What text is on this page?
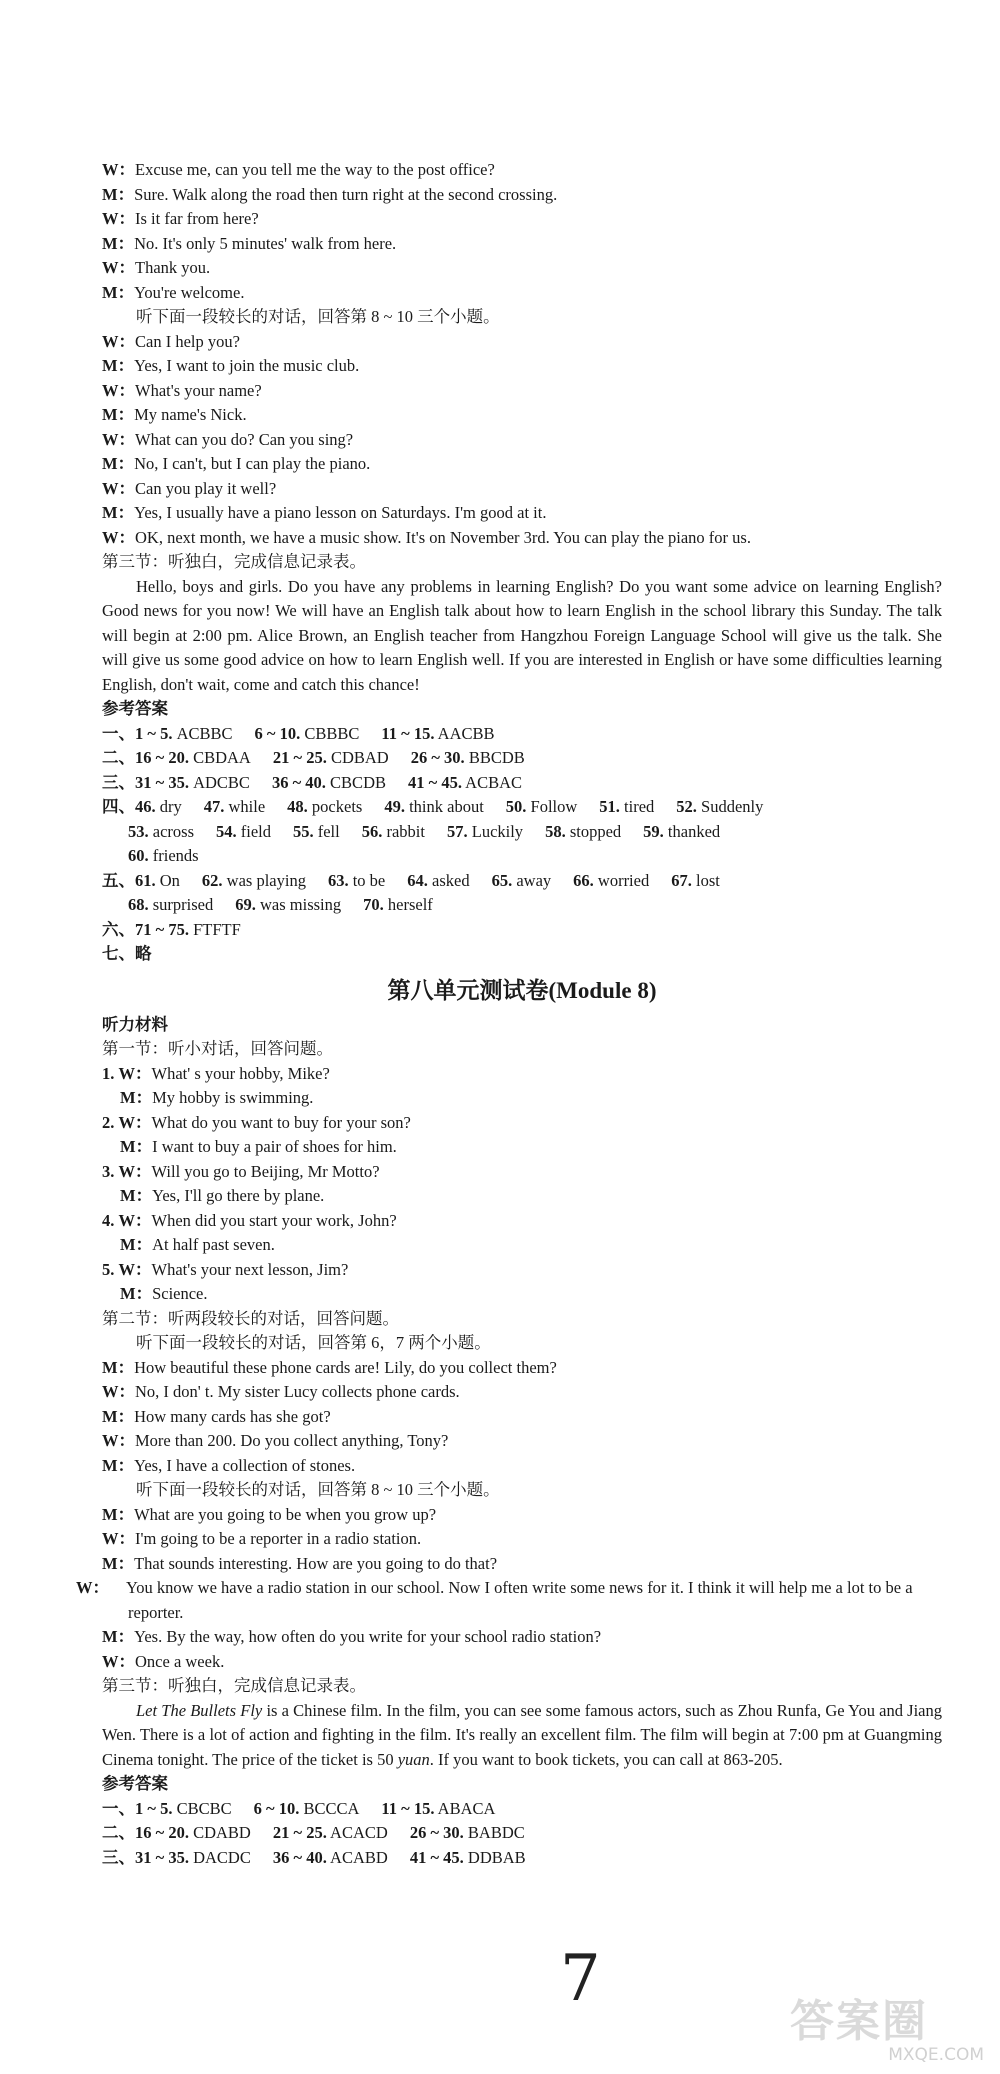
W ： Excuse me, can you tell me the way to the post office?
M ： Sure. Walk along the road then turn right at the second crossing.
W ： Is it far from here?
M ： No. It's only 5 minutes' walk from here.
W ： Thank you.
M ： You're welcome.
听下面一段较长的对话，回答第 8 ~ 10 三个小题。
W ： Can I help you?
M ： Yes, I want to join the music club.
W ： What's your name?
M ： My name's Nick.
W ： What can you do? Can you sing?
M ： No, I can't, but I can play the piano.
W ： Can you play it well?
M ： Yes, I usually have a piano lesson on Saturdays. I'm good at it.
W ： OK, next month, we have a music show. It's on November 3rd. You can play the piano for us.
第三节：听独白，完成信息记录表。
Hello, boys and girls. Do you have any problems in learning English? Do you want some advice on learning English? Good news for you now! We will have an English talk about how to learn English in the school library this Sunday. The talk will begin at 2:00 pm. Alice Brown, an English teacher from Hangzhou Foreign Language School will give us the talk. She will give us some good advice on how to learn English well. If you are interested in English or have some difficulties learning English, don't wait, come and catch this chance!
参考答案
一、1 ~ 5. ACBBC 6 ~ 10. CBBBC 11 ~ 15. AACBB
二、16 ~ 20. CBDAA 21 ~ 25. CDBAD 26 ~ 30. BBCDB
三、31 ~ 35. ADCBC 36 ~ 40. CBCDB 41 ~ 45. ACBAC
四、46. dry 47. while 48. pockets 49. think about 50. Follow 51. tired 52. Suddenly
53. across 54. field 55. fell 56. rabbit 57. Luckily 58. stopped 59. thanked
60. friends
五、61. On 62. was playing 63. to be 64. asked 65. away 66. worried 67. lost
68. surprised 69. was missing 70. herself
六、71 ~ 75. FTFTF
七、略
第八单元测试卷(Module 8)
听力材料
第一节：听小对话，回答问题。
1. W：What' s your hobby, Mike?
M：My hobby is swimming.
2. W：What do you want to buy for your son?
M：I want to buy a pair of shoes for him.
3. W：Will you go to Beijing, Mr Motto?
M：Yes, I'll go there by plane.
4. W：When did you start your work, John?
M：At half past seven.
5. W：What's your next lesson, Jim?
M：Science.
第二节：听两段较长的对话，回答问题。
听下面一段较长的对话，回答第 6，7 两个小题。
M ： How beautiful these phone cards are! Lily, do you collect them?
W ： No, I don' t. My sister Lucy collects phone cards.
M ： How many cards has she got?
W ： More than 200. Do you collect anything, Tony?
M ： Yes, I have a collection of stones.
听下面一段较长的对话，回答第 8 ~ 10 三个小题。
M ： What are you going to be when you grow up?
W ： I'm going to be a reporter in a radio station.
M ： That sounds interesting. How are you going to do that?
W ： You know we have a radio station in our school. Now I often write some news for it. I think it will help me a lot to be a reporter.
M ： Yes. By the way, how often do you write for your school radio station?
W ： Once a week.
第三节：听独白，完成信息记录表。
Let The Bullets Fly is a Chinese film. In the film, you can see some famous actors, such as Zhou Runfa, Ge You and Jiang Wen. There is a lot of action and fighting in the film. It's really an excellent film. The film will begin at 7:00 pm at Guangming Cinema tonight. The price of the ticket is 50 yuan. If you want to book tickets, you can call at 863-205.
参考答案
一、1 ~ 5. CBCBC 6 ~ 10. BCCCA 11 ~ 15. ABACA
二、16 ~ 20. CDABD 21 ~ 25. ACACD 26 ~ 30. BABDC
三、31 ~ 35. DACDC 36 ~ 40. ACABD 41 ~ 45. DDBAB
7
答案圈
MXQE.COM
